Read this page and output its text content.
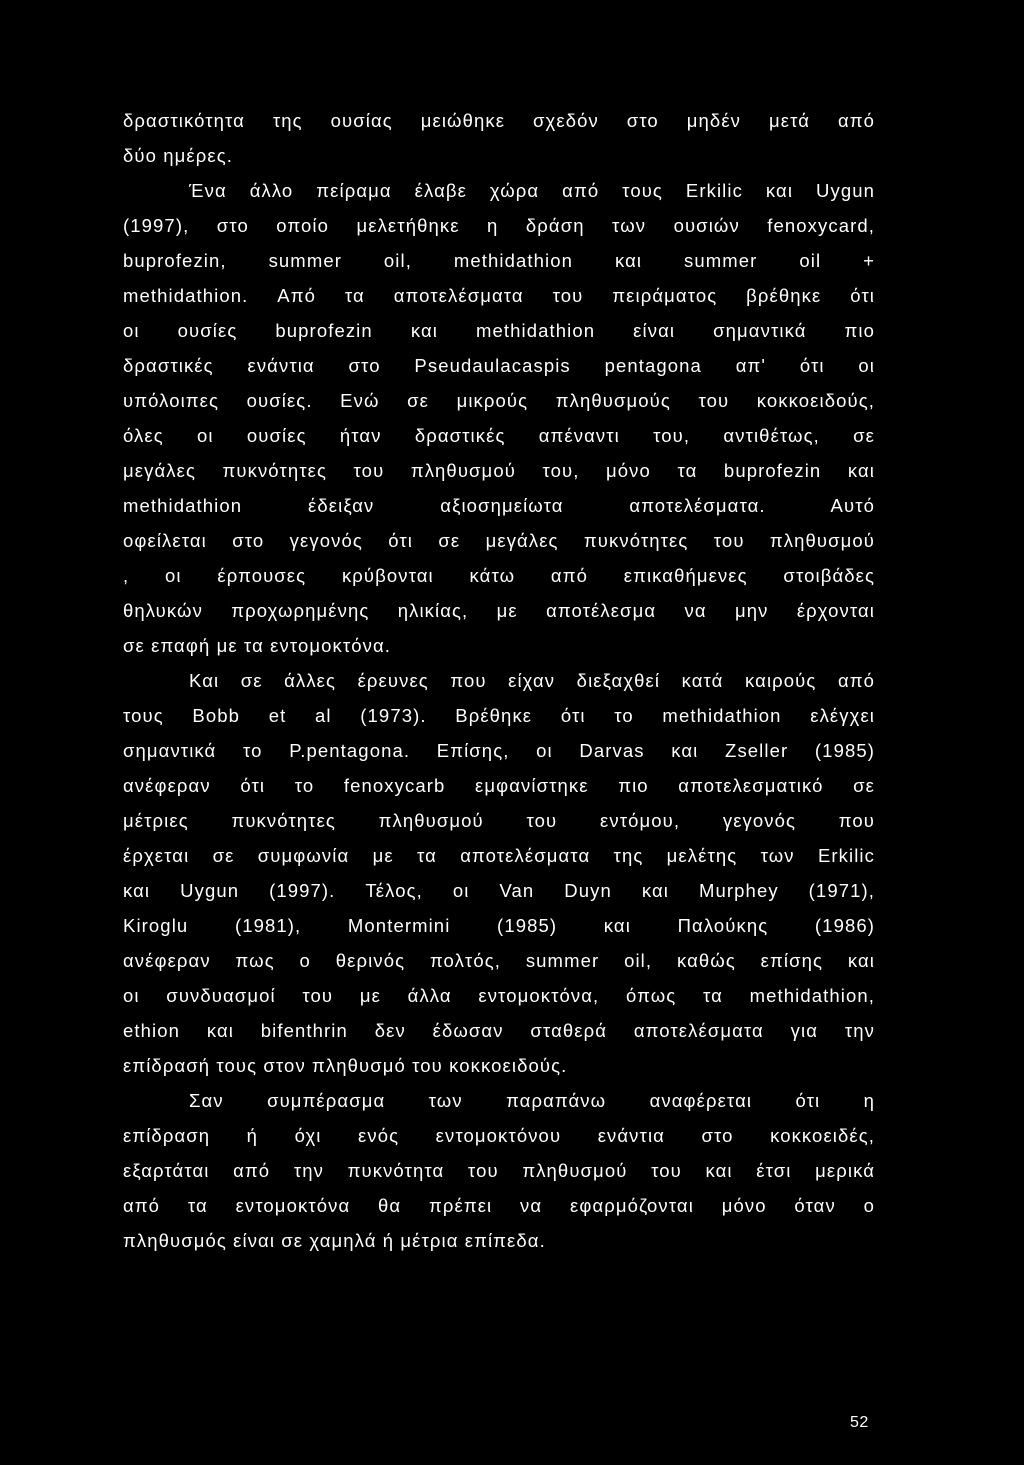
δραστικότητα της ουσίας μειώθηκε σχεδόν στο μηδέν μετά από
δύο ημέρες.
Ένα άλλο πείραμα έλαβε χώρα από τους Erkilic και Uygun
(1997), στο οποίο μελετήθηκε η δράση των ουσιών fenoxycard,
buprofezin, summer oil, methidathion και summer oil +
methidathion. Από τα αποτελέσματα του πειράματος βρέθηκε ότι
οι ουσίες buprofezin και methidathion είναι σημαντικά πιο
δραστικές ενάντια στο Pseudaulacaspis pentagona απ' ότι οι
υπόλοιπες ουσίες. Ενώ σε μικρούς πληθυσμούς του κοκκοειδούς,
όλες οι ουσίες ήταν δραστικές απέναντι του, αντιθέτως, σε
μεγάλες πυκνότητες του πληθυσμού του, μόνο τα buprofezin και
methidathion έδειξαν αξιοσημείωτα αποτελέσματα. Αυτό
οφείλεται στο γεγονός ότι σε μεγάλες πυκνότητες του πληθυσμού
, οι έρπουσες κρύβονται κάτω από επικαθήμενες στοιβάδες
θηλυκών προχωρημένης ηλικίας, με αποτέλεσμα να μην έρχονται
σε επαφή με τα εντομοκτόνα.
Και σε άλλες έρευνες που είχαν διεξαχθεί κατά καιρούς από
τους Bobb et al (1973). Βρέθηκε ότι το methidathion ελέγχει
σημαντικά το P.pentagona. Επίσης, οι Darvas και Zseller (1985)
ανέφεραν ότι το fenoxycarb εμφανίστηκε πιο αποτελεσματικό σε
μέτριες πυκνότητες πληθυσμού του εντόμου, γεγονός που
έρχεται σε συμφωνία με τα αποτελέσματα της μελέτης των Erkilic
και Uygun (1997). Τέλος, οι Van Duyn και Murphey (1971),
Kiroglu (1981), Montermini (1985) και Παλούκης (1986)
ανέφεραν πως ο θερινός πολτός, summer oil, καθώς επίσης και
οι συνδυασμοί του με άλλα εντομοκτόνα, όπως τα methidathion,
ethion και bifenthrin δεν έδωσαν σταθερά αποτελέσματα για την
επίδρασή τους στον πληθυσμό του κοκκοειδούς.
Σαν συμπέρασμα των παραπάνω αναφέρεται ότι η
επίδραση ή όχι ενός εντομοκτόνου ενάντια στο κοκκοειδές,
εξαρτάται από την πυκνότητα του πληθυσμού του και έτσι μερικά
από τα εντομοκτόνα θα πρέπει να εφαρμόζονται μόνο όταν ο
πληθυσμός είναι σε χαμηλά ή μέτρια επίπεδα.
52
